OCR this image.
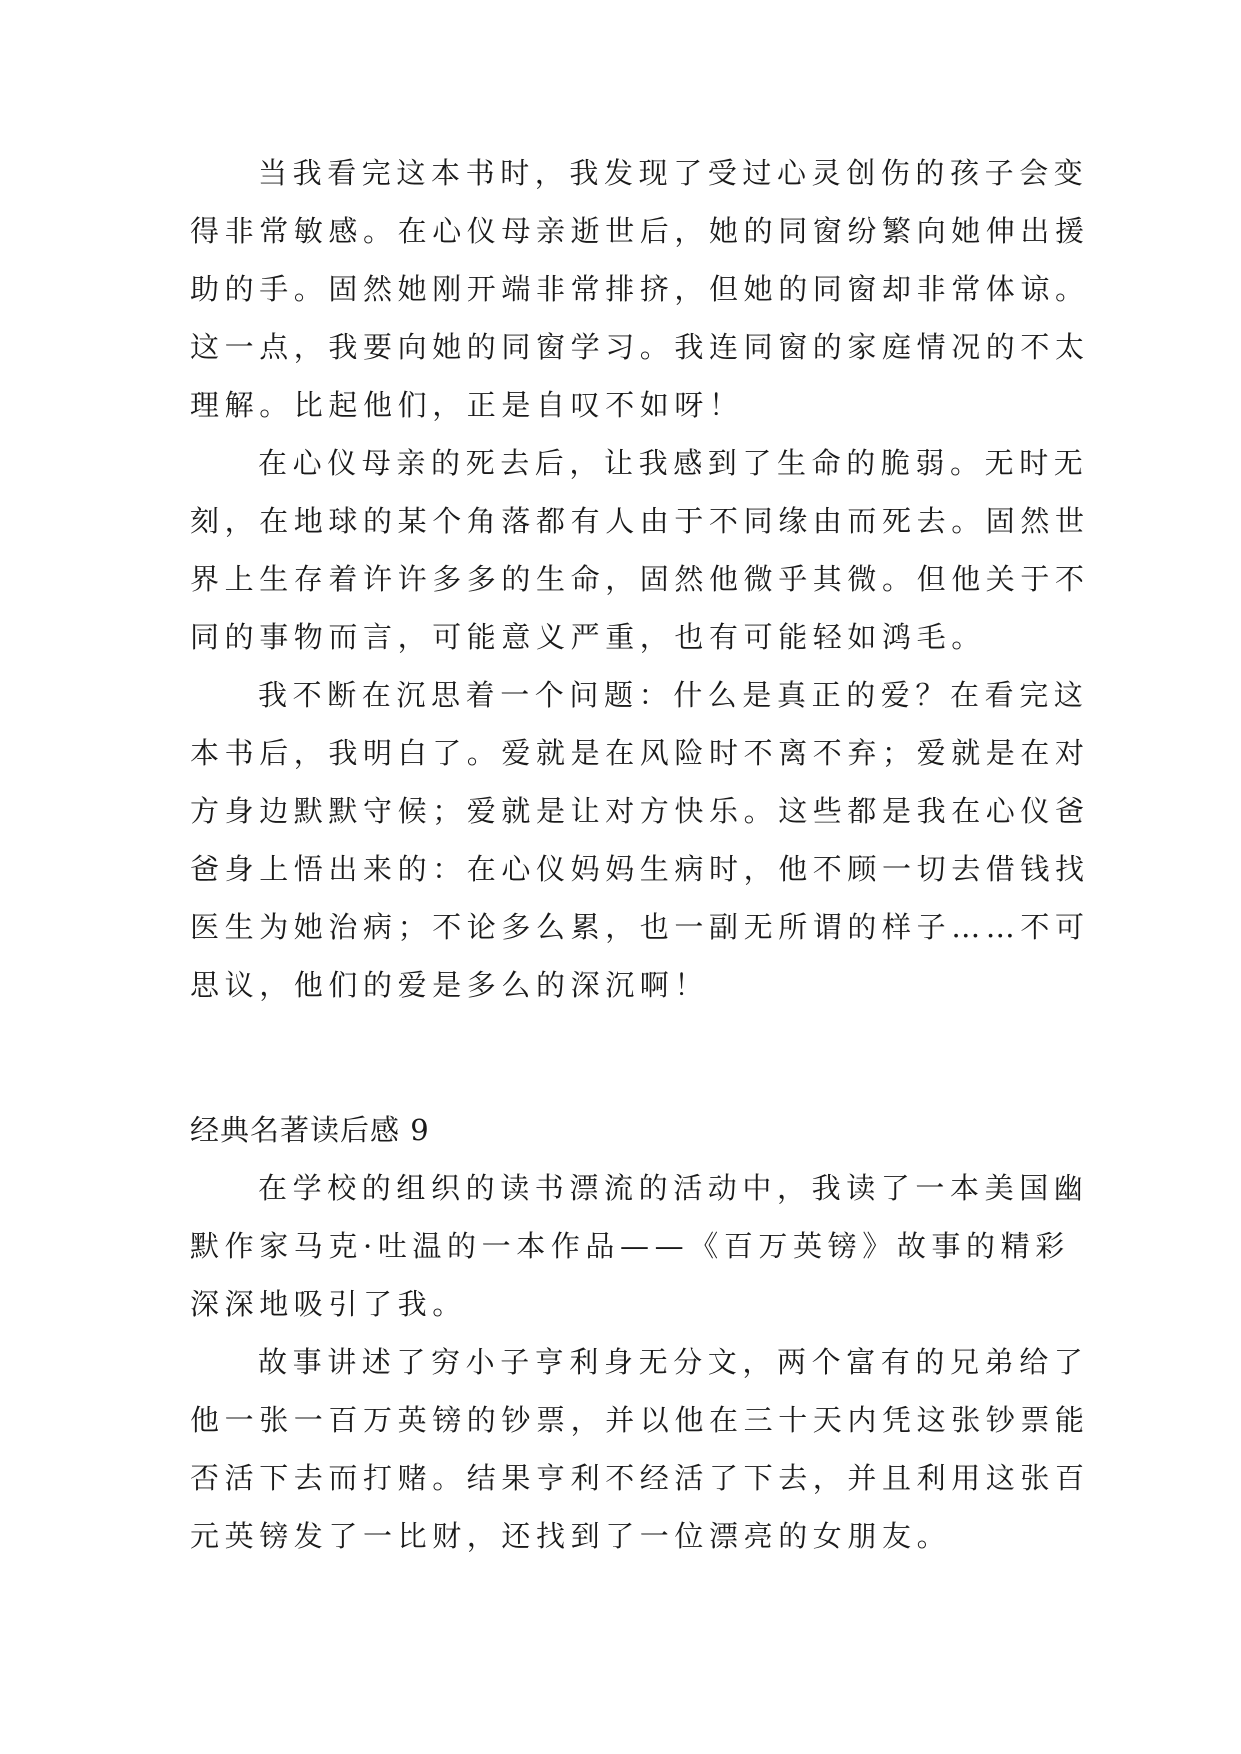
当我看完这本书时，我发现了受过心灵创伤的孩子会变
得非常敏感。在心仪母亲逝世后，她的同窗纷繁向她伸出援
助的手。固然她刚开端非常排挤，但她的同窗却非常体谅。
这一点，我要向她的同窗学习。我连同窗的家庭情况的不太
理解。比起他们，正是自叹不如呀！
在心仪母亲的死去后，让我感到了生命的脆弱。无时无
刻，在地球的某个角落都有人由于不同缘由而死去。固然世
界上生存着许许多多的生命，固然他微乎其微。但他关于不
同的事物而言，可能意义严重，也有可能轻如鸿毛。
我不断在沉思着一个问题：什么是真正的爱？在看完这
本书后，我明白了。爱就是在风险时不离不弃；爱就是在对
方身边默默守候；爱就是让对方快乐。这些都是我在心仪爸
爸身上悟出来的：在心仪妈妈生病时，他不顾一切去借钱找
医生为她治病；不论多么累，也一副无所谓的样子……不可
思议，他们的爱是多么的深沉啊！
经典名著读后感 9
在学校的组织的读书漂流的活动中，我读了一本美国幽
默作家马克·吐温的一本作品——《百万英镑》故事的精彩
深深地吸引了我。
故事讲述了穷小子亨利身无分文，两个富有的兄弟给了
他一张一百万英镑的钞票，并以他在三十天内凭这张钞票能
否活下去而打赌。结果亨利不经活了下去，并且利用这张百
元英镑发了一比财，还找到了一位漂亮的女朋友。
